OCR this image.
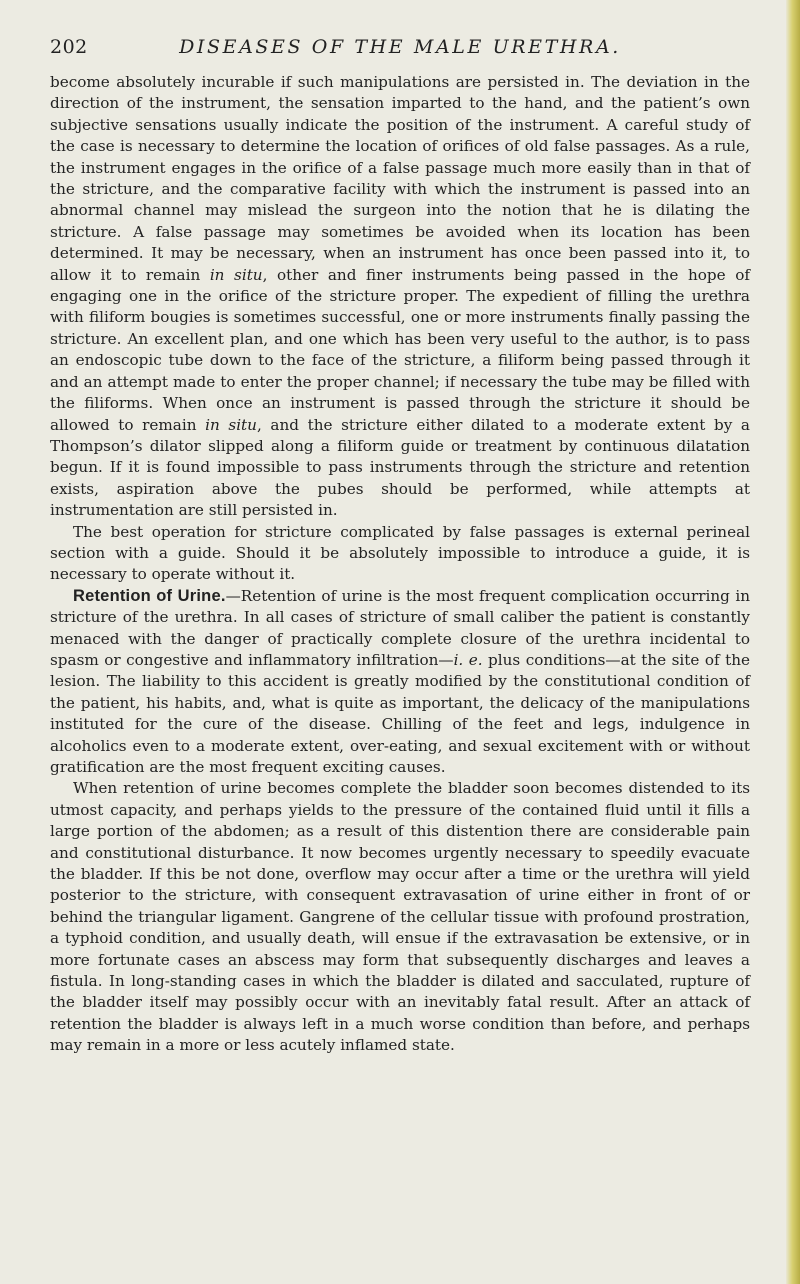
202	DISEASES OF THE MALE URETHRA.

become absolutely incurable if such manipulations are persisted in. The deviation in the direction of the instrument, the sensation imparted to the hand, and the patient’s own subjective sensations usually indicate the position of the instrument. A careful study of the case is necessary to determine the location of orifices of old false passages. As a rule, the instrument engages in the orifice of a false passage much more easily than in that of the stricture, and the comparative facility with which the instrument is passed into an abnormal channel may mislead the surgeon into the notion that he is dilating the stricture. A false passage may sometimes be avoided when its location has been determined. It may be necessary, when an instrument has once been passed into it, to allow it to remain in situ, other and finer instruments being passed in the hope of engaging one in the orifice of the stricture proper. The expedient of filling the urethra with filiform bougies is sometimes successful, one or more instruments finally passing the stricture. An excellent plan, and one which has been very useful to the author, is to pass an endoscopic tube down to the face of the stricture, a filiform being passed through it and an attempt made to enter the proper channel; if necessary the tube may be filled with the filiforms. When once an instrument is passed through the stricture it should be allowed to remain in situ, and the stricture either dilated to a moderate extent by a Thompson’s dilator slipped along a filiform guide or treatment by continuous dilatation begun. If it is found impossible to pass instruments through the stricture and retention exists, aspiration above the pubes should be performed, while attempts at instrumentation are still persisted in.

The best operation for stricture complicated by false passages is external perineal section with a guide. Should it be absolutely impossible to introduce a guide, it is necessary to operate without it.

Retention of Urine.—Retention of urine is the most frequent complication occurring in stricture of the urethra. In all cases of stricture of small caliber the patient is constantly menaced with the danger of practically complete closure of the urethra incidental to spasm or congestive and inflammatory infiltration—i. e. plus conditions—at the site of the lesion. The liability to this accident is greatly modified by the constitutional condition of the patient, his habits, and, what is quite as important, the delicacy of the manipulations instituted for the cure of the disease. Chilling of the feet and legs, indulgence in alcoholics even to a moderate extent, over-eating, and sexual excitement with or without gratification are the most frequent exciting causes.

When retention of urine becomes complete the bladder soon becomes distended to its utmost capacity, and perhaps yields to the pressure of the contained fluid until it fills a large portion of the abdomen; as a result of this distention there are considerable pain and constitutional disturbance. It now becomes urgently necessary to speedily evacuate the bladder. If this be not done, overflow may occur after a time or the urethra will yield posterior to the stricture, with consequent extravasation of urine either in front of or behind the triangular ligament. Gangrene of the cellular tissue with profound prostration, a typhoid condition, and usually death, will ensue if the extravasation be extensive, or in more fortunate cases an abscess may form that subsequently discharges and leaves a fistula. In long-standing cases in which the bladder is dilated and sacculated, rupture of the bladder itself may possibly occur with an inevitably fatal result. After an attack of retention the bladder is always left in a much worse condition than before, and perhaps may remain in a more or less acutely inflamed state.
